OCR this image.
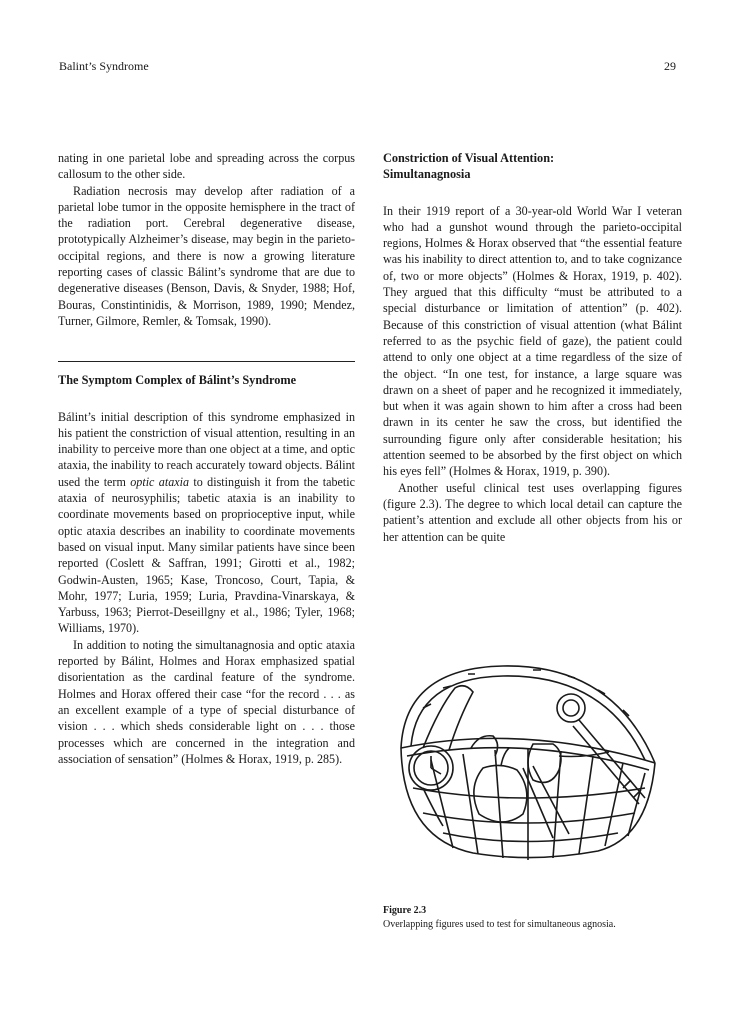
Balint’s Syndrome	29

nating in one parietal lobe and spreading across the corpus callosum to the other side.

Radiation necrosis may develop after radiation of a parietal lobe tumor in the opposite hemisphere in the tract of the radiation port. Cerebral degenerative disease, prototypically Alzheimer’s disease, may begin in the parieto-occipital regions, and there is now a growing literature reporting cases of classic Bálint’s syndrome that are due to degenerative diseases (Benson, Davis, & Snyder, 1988; Hof, Bouras, Constintinidis, & Morrison, 1989, 1990; Mendez, Turner, Gilmore, Remler, & Tomsak, 1990).

The Symptom Complex of Bálint’s Syndrome

Bálint’s initial description of this syndrome emphasized in his patient the constriction of visual attention, resulting in an inability to perceive more than one object at a time, and optic ataxia, the inability to reach accurately toward objects. Bálint used the term optic ataxia to distinguish it from the tabetic ataxia of neurosyphilis; tabetic ataxia is an inability to coordinate movements based on proprioceptive input, while optic ataxia describes an inability to coordinate movements based on visual input. Many similar patients have since been reported (Coslett & Saffran, 1991; Girotti et al., 1982; Godwin-Austen, 1965; Kase, Troncoso, Court, Tapia, & Mohr, 1977; Luria, 1959; Luria, Pravdina-Vinarskaya, & Yarbuss, 1963; Pierrot-Deseillgny et al., 1986; Tyler, 1968; Williams, 1970).

In addition to noting the simultanagnosia and optic ataxia reported by Bálint, Holmes and Horax emphasized spatial disorientation as the cardinal feature of the syndrome. Holmes and Horax offered their case “for the record . . . as an excellent example of a type of special disturbance of vision . . . which sheds considerable light on . . . those processes which are concerned in the integration and association of sensation” (Holmes & Horax, 1919, p. 285).

Constriction of Visual Attention:
Simultanagnosia

In their 1919 report of a 30-year-old World War I veteran who had a gunshot wound through the parieto-occipital regions, Holmes & Horax observed that “the essential feature was his inability to direct attention to, and to take cognizance of, two or more objects” (Holmes & Horax, 1919, p. 402). They argued that this difficulty “must be attributed to a special disturbance or limitation of attention” (p. 402). Because of this constriction of visual attention (what Bálint referred to as the psychic field of gaze), the patient could attend to only one object at a time regardless of the size of the object. “In one test, for instance, a large square was drawn on a sheet of paper and he recognized it immediately, but when it was again shown to him after a cross had been drawn in its center he saw the cross, but identified the surrounding figure only after considerable hesitation; his attention seemed to be absorbed by the first object on which his eyes fell” (Holmes & Horax, 1919, p. 390).

Another useful clinical test uses overlapping figures (figure 2.3). The degree to which local detail can capture the patient’s attention and exclude all other objects from his or her attention can be quite

Figure 2.3
Overlapping figures used to test for simultaneous agnosia.
